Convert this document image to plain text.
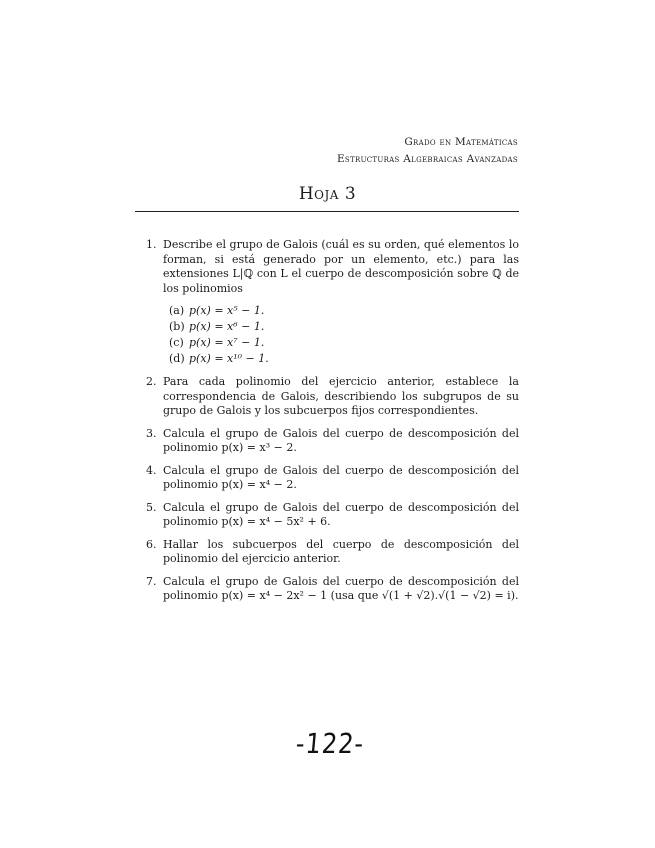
Grado en Matemáticas
Estructuras Algebraicas Avanzadas
Hoja 3
1. Describe el grupo de Galois (cuál es su orden, qué elementos lo forman, si está generado por un elemento, etc.) para las extensiones L|ℚ con L el cuerpo de descomposición sobre ℚ de los polinomios
(a) p(x) = x⁵ − 1.
(b) p(x) = x⁶ − 1.
(c) p(x) = x⁷ − 1.
(d) p(x) = x¹⁰ − 1.
2. Para cada polinomio del ejercicio anterior, establece la correspondencia de Galois, describiendo los subgrupos de su grupo de Galois y los subcuerpos fijos correspondientes.
3. Calcula el grupo de Galois del cuerpo de descomposición del polinomio p(x) = x³ − 2.
4. Calcula el grupo de Galois del cuerpo de descomposición del polinomio p(x) = x⁴ − 2.
5. Calcula el grupo de Galois del cuerpo de descomposición del polinomio p(x) = x⁴ − 5x² + 6.
6. Hallar los subcuerpos del cuerpo de descomposición del polinomio del ejercicio anterior.
7. Calcula el grupo de Galois del cuerpo de descomposición del polinomio p(x) = x⁴ − 2x² − 1 (usa que √(1 + √2).√(1 − √2) = i).
-122-
